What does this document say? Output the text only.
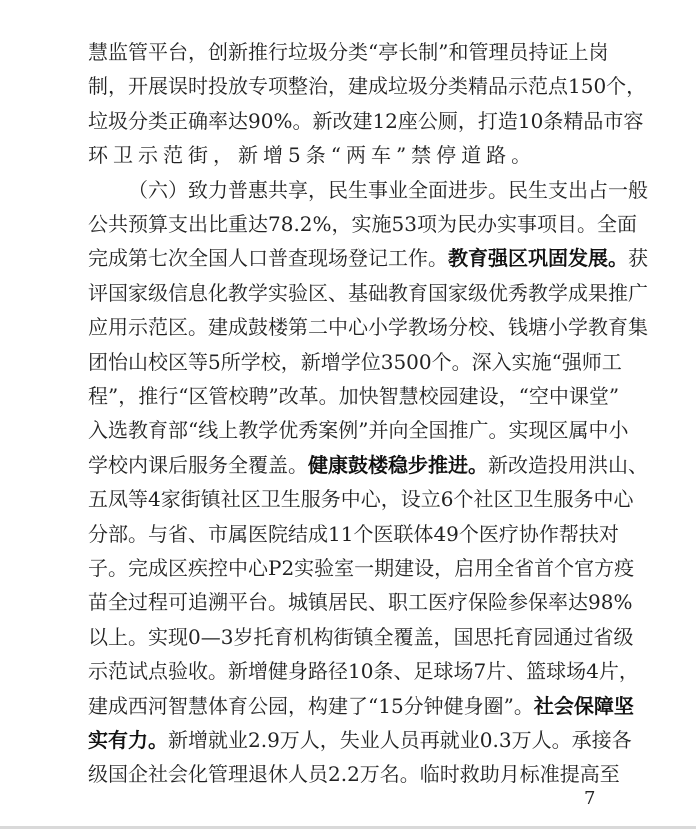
7
慧监管平台，创新推行垃圾分类“亭长制”和管理员持证上岗
制，开展误时投放专项整治，建成垃圾分类精品示范点150个，
垃圾分类正确率达90%。新改建12座公厕，打造10条精品市容
环卫示范街，新增5条“两车”禁停道路。
（六）致力普惠共享，民生事业全面进步。民生支出占一般
公共预算支出比重达78.2%，实施53项为民办实事项目。全面
完成第七次全国人口普查现场登记工作。教育强区巩固发展。获
评国家级信息化教学实验区、基础教育国家级优秀教学成果推广
应用示范区。建成鼓楼第二中心小学教场分校、钱塘小学教育集
团怡山校区等5所学校，新增学位3500个。深入实施“强师工
程”，推行“区管校聘”改革。加快智慧校园建设，“空中课堂”
入选教育部“线上教学优秀案例”并向全国推广。实现区属中小
学校内课后服务全覆盖。健康鼓楼稳步推进。新改造投用洪山、
五凤等4家街镇社区卫生服务中心，设立6个社区卫生服务中心
分部。与省、市属医院结成11个医联体49个医疗协作帮扶对
子。完成区疾控中心P2实验室一期建设，启用全省首个官方疫
苗全过程可追溯平台。城镇居民、职工医疗保险参保率达98%
以上。实现0—3岁托育机构街镇全覆盖，国思托育园通过省级
示范试点验收。新增健身路径10条、足球场7片、篮球场4片，
建成西河智慧体育公园，构建了“15分钟健身圈”。社会保障坚
实有力。新增就业2.9万人，失业人员再就业0.3万人。承接各
级国企社会化管理退休人员2.2万名。临时救助月标准提高至
